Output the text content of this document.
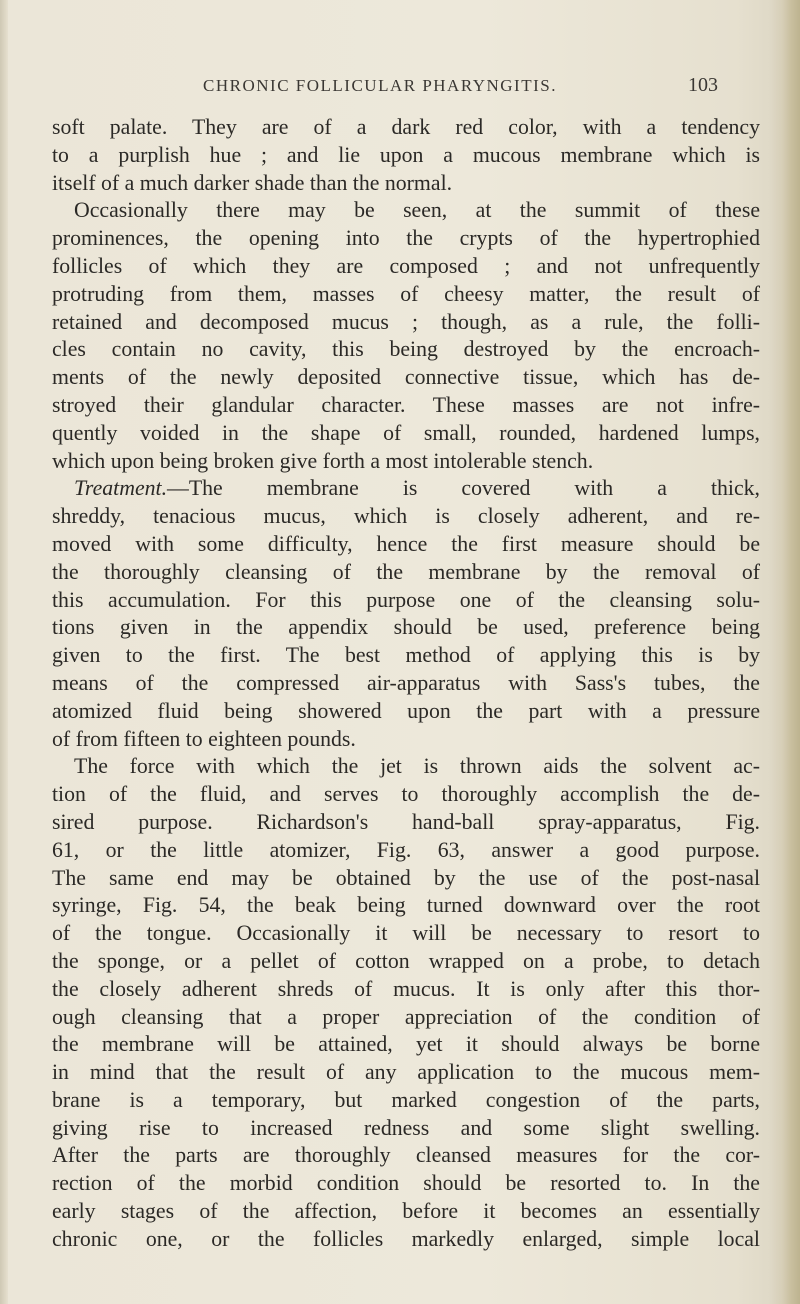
CHRONIC FOLLICULAR PHARYNGITIS.	103
soft palate. They are of a dark red color, with a tendency
to a purplish hue ; and lie upon a mucous membrane which is
itself of a much darker shade than the normal.
Occasionally there may be seen, at the summit of these
prominences, the opening into the crypts of the hypertrophied
follicles of which they are composed ; and not unfrequently
protruding from them, masses of cheesy matter, the result of
retained and decomposed mucus ; though, as a rule, the folli-
cles contain no cavity, this being destroyed by the encroach-
ments of the newly deposited connective tissue, which has de-
stroyed their glandular character. These masses are not infre-
quently voided in the shape of small, rounded, hardened lumps,
which upon being broken give forth a most intolerable stench.
Treatment.—The membrane is covered with a thick,
shreddy, tenacious mucus, which is closely adherent, and re-
moved with some difficulty, hence the first measure should be
the thoroughly cleansing of the membrane by the removal of
this accumulation. For this purpose one of the cleansing solu-
tions given in the appendix should be used, preference being
given to the first. The best method of applying this is by
means of the compressed air-apparatus with Sass's tubes, the
atomized fluid being showered upon the part with a pressure
of from fifteen to eighteen pounds.
The force with which the jet is thrown aids the solvent ac-
tion of the fluid, and serves to thoroughly accomplish the de-
sired purpose. Richardson's hand-ball spray-apparatus, Fig.
61, or the little atomizer, Fig. 63, answer a good purpose.
The same end may be obtained by the use of the post-nasal
syringe, Fig. 54, the beak being turned downward over the root
of the tongue. Occasionally it will be necessary to resort to
the sponge, or a pellet of cotton wrapped on a probe, to detach
the closely adherent shreds of mucus. It is only after this thor-
ough cleansing that a proper appreciation of the condition of
the membrane will be attained, yet it should always be borne
in mind that the result of any application to the mucous mem-
brane is a temporary, but marked congestion of the parts,
giving rise to increased redness and some slight swelling.
After the parts are thoroughly cleansed measures for the cor-
rection of the morbid condition should be resorted to. In the
early stages of the affection, before it becomes an essentially
chronic one, or the follicles markedly enlarged, simple local
